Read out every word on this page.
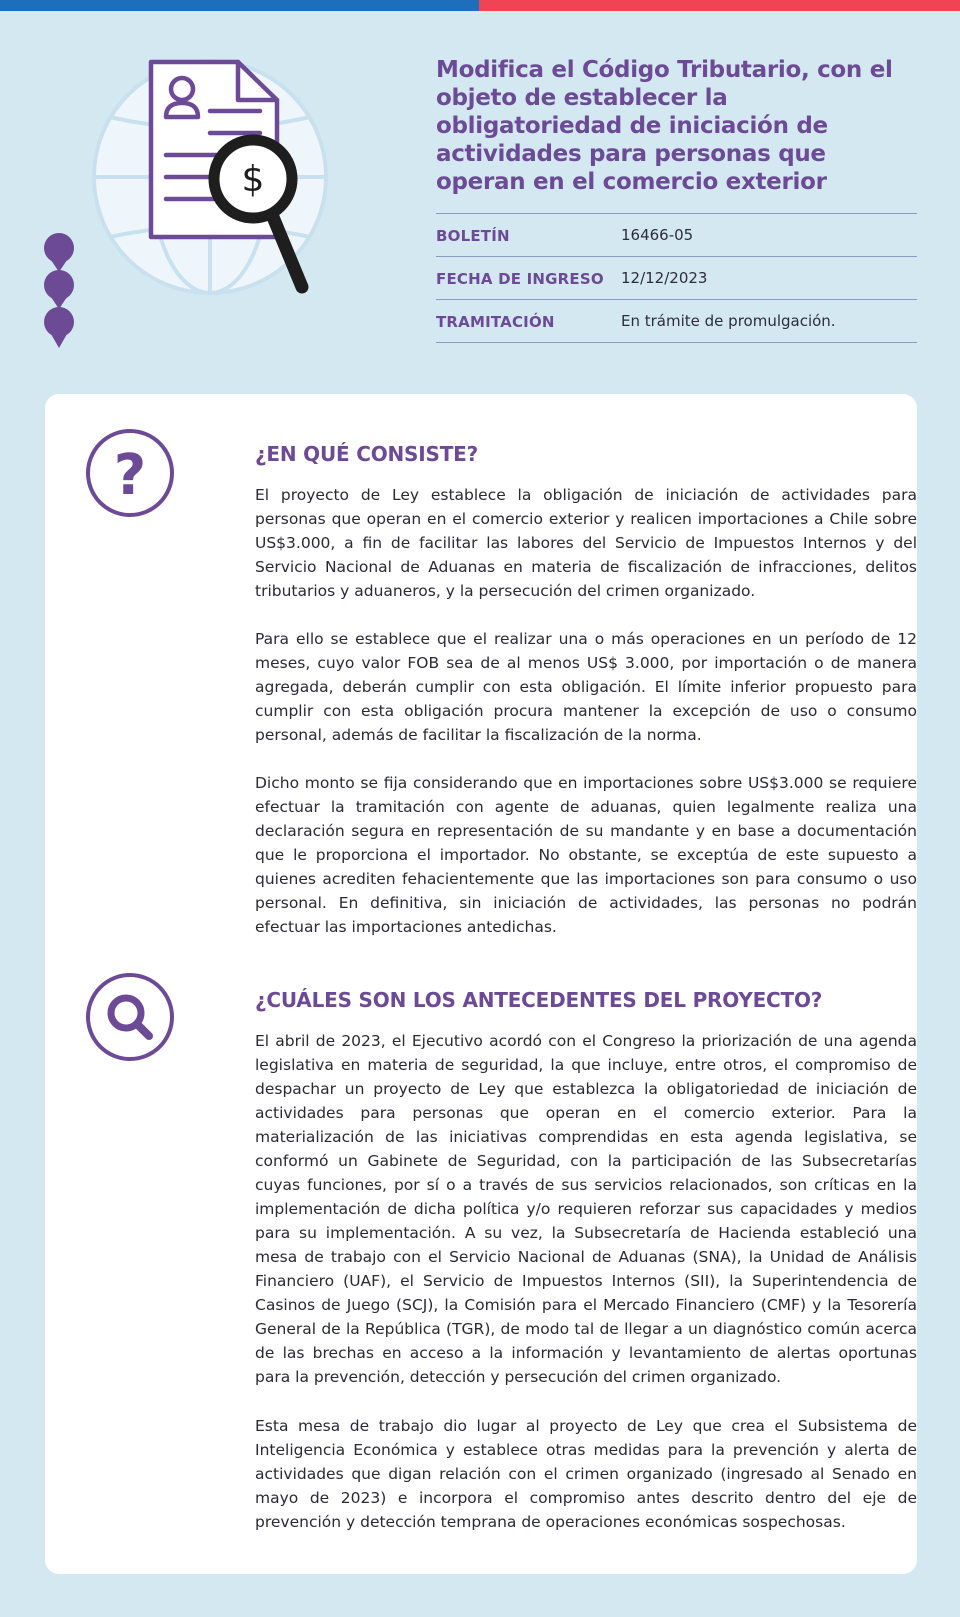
$
Modifica el Código Tributario, con el objeto de establecer la obligatoriedad de iniciación de actividades para personas que operan en el comercio exterior
BOLETÍN	16466-05
FECHA DE INGRESO 12/12/2023
TRAMITACIÓN	En trámite de promulgación.
?	¿EN QUÉ CONSISTE?

El proyecto de Ley establece la obligación de iniciación de actividades para personas que operan en el comercio exterior y realicen importaciones a Chile sobre US$3.000, a fin de facilitar las labores del Servicio de Impuestos Internos y del Servicio Nacional de Aduanas en materia de fiscalización de infracciones, delitos tributarios y aduaneros, y la persecución del crimen organizado.

Para ello se establece que el realizar una o más operaciones en un período de 12 meses, cuyo valor FOB sea de al menos US$ 3.000, por importación o de manera agregada, deberán cumplir con esta obligación. El límite inferior propuesto para cumplir con esta obligación procura mantener la excepción de uso o consumo personal, además de facilitar la fiscalización de la norma.

Dicho monto se fija considerando que en importaciones sobre US$3.000 se requiere efectuar la tramitación con agente de aduanas, quien legalmente realiza una declaración segura en representación de su mandante y en base a documentación que le proporciona el importador. No obstante, se exceptúa de este supuesto a quienes acrediten fehacientemente que las importaciones son para consumo o uso personal. En definitiva, sin iniciación de actividades, las personas no podrán efectuar las importaciones antedichas.

¿CUÁLES SON LOS ANTECEDENTES DEL PROYECTO?

El abril de 2023, el Ejecutivo acordó con el Congreso la priorización de una agenda legislativa en materia de seguridad, la que incluye, entre otros, el compromiso de despachar un proyecto de Ley que establezca la obligatoriedad de iniciación de actividades para personas que operan en el comercio exterior. Para la materialización de las iniciativas comprendidas en esta agenda legislativa, se conformó un Gabinete de Seguridad, con la participación de las Subsecretarías cuyas funciones, por sí o a través de sus servicios relacionados, son críticas en la implementación de dicha política y/o requieren reforzar sus capacidades y medios para su implementación. A su vez, la Subsecretaría de Hacienda estableció una mesa de trabajo con el Servicio Nacional de Aduanas (SNA), la Unidad de Análisis Financiero (UAF), el Servicio de Impuestos Internos (SII), la Superintendencia de Casinos de Juego (SCJ), la Comisión para el Mercado Financiero (CMF) y la Tesorería General de la República (TGR), de modo tal de llegar a un diagnóstico común acerca de las brechas en acceso a la información y levantamiento de alertas oportunas para la prevención, detección y persecución del crimen organizado.

Esta mesa de trabajo dio lugar al proyecto de Ley que crea el Subsistema de Inteligencia Económica y establece otras medidas para la prevención y alerta de actividades que digan relación con el crimen organizado (ingresado al Senado en mayo de 2023) e incorpora el compromiso antes descrito dentro del eje de prevención y detección temprana de operaciones económicas sospechosas.
